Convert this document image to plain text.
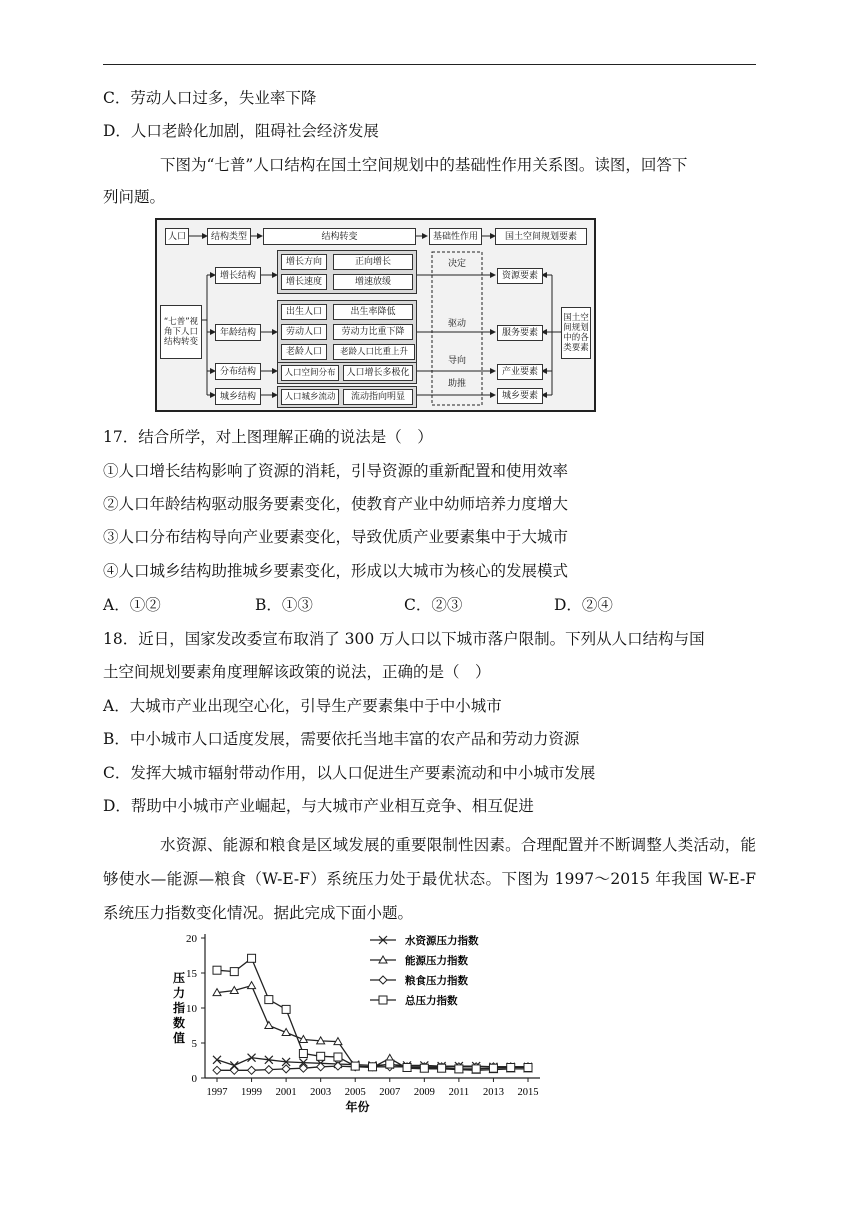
C．劳动人口过多，失业率下降
D．人口老龄化加剧，阻碍社会经济发展
下图为“七普”人口结构在国土空间规划中的基础性作用关系图。读图，回答下
列问题。
人口	结构类型	结构转变	基础性作用	国土空间规划要素
“七普”视角下人口结构转变
增长结构
年龄结构
分布结构
城乡结构
增长方向	正向增长
增长速度	增速放缓
出生人口	出生率降低
劳动人口	劳动力比重下降
老龄人口	老龄人口比重上升
人口空间分布	人口增长多极化
人口城乡流动	流动指向明显
决定
驱动
导向
助推
资源要素
服务要素
产业要素
城乡要素
国土空间规划中的各类要素
17．结合所学，对上图理解正确的说法是（　）
①人口增长结构影响了资源的消耗，引导资源的重新配置和使用效率
②人口年龄结构驱动服务要素变化，使教育产业中幼师培养力度增大
③人口分布结构导向产业要素变化，导致优质产业要素集中于大城市
④人口城乡结构助推城乡要素变化，形成以大城市为核心的发展模式
A．①②	B．①③	C．②③	D．②④
18．近日，国家发改委宣布取消了 300 万人口以下城市落户限制。下列从人口结构与国
土空间规划要素角度理解该政策的说法，正确的是（　）
A．大城市产业出现空心化，引导生产要素集中于中小城市
B．中小城市人口适度发展，需要依托当地丰富的农产品和劳动力资源
C．发挥大城市辐射带动作用，以人口促进生产要素流动和中小城市发展
D．帮助中小城市产业崛起，与大城市产业相互竞争、相互促进
水资源、能源和粮食是区域发展的重要限制性因素。合理配置并不断调整人类活动，能够使水—能源—粮食（W-E-F）系统压力处于最优状态。下图为 1997～2015 年我国 W-E-F 系统压力指数变化情况。据此完成下面小题。
0
5
10
15
20
1997 1999 2001 2003 2005 2007 2009 2011 2013 2015
水资源压力指数
能源压力指数
粮食压力指数
总压力指数
压力指数值
年份
